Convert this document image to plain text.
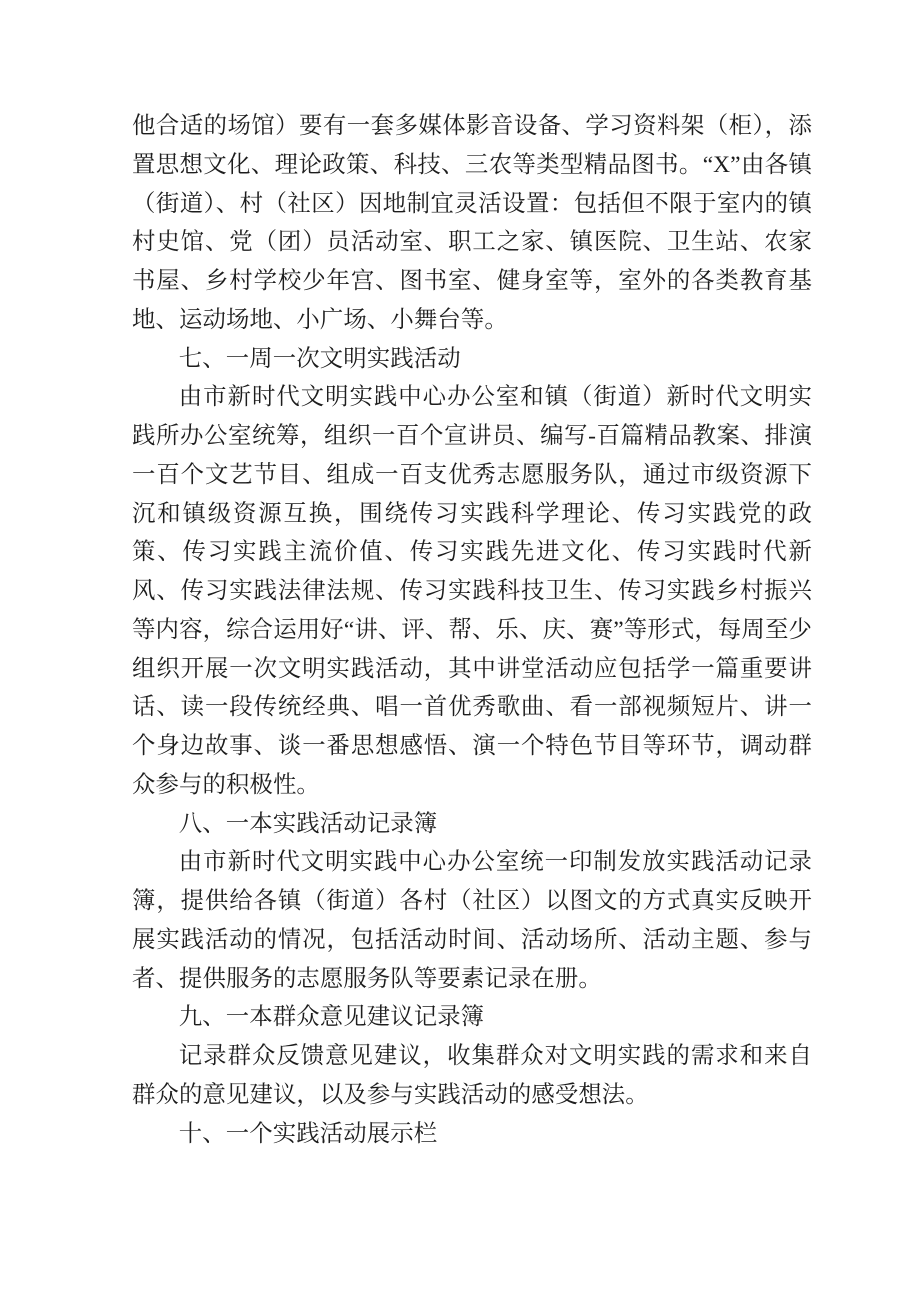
他合适的场馆）要有一套多媒体影音设备、学习资料架（柜），添置思想文化、理论政策、科技、三农等类型精品图书。“X”由各镇（街道）、村（社区）因地制宜灵活设置：包括但不限于室内的镇村史馆、党（团）员活动室、职工之家、镇医院、卫生站、农家书屋、乡村学校少年宫、图书室、健身室等，室外的各类教育基地、运动场地、小广场、小舞台等。

七、一周一次文明实践活动

由市新时代文明实践中心办公室和镇（街道）新时代文明实践所办公室统筹，组织一百个宣讲员、编写-百篇精品教案、排演一百个文艺节目、组成一百支优秀志愿服务队，通过市级资源下沉和镇级资源互换，围绕传习实践科学理论、传习实践党的政策、传习实践主流价值、传习实践先进文化、传习实践时代新风、传习实践法律法规、传习实践科技卫生、传习实践乡村振兴等内容，综合运用好“讲、评、帮、乐、庆、赛”等形式，每周至少组织开展一次文明实践活动，其中讲堂活动应包括学一篇重要讲话、读一段传统经典、唱一首优秀歌曲、看一部视频短片、讲一个身边故事、谈一番思想感悟、演一个特色节目等环节，调动群众参与的积极性。

八、一本实践活动记录簿

由市新时代文明实践中心办公室统一印制发放实践活动记录簿，提供给各镇（街道）各村（社区）以图文的方式真实反映开展实践活动的情况，包括活动时间、活动场所、活动主题、参与者、提供服务的志愿服务队等要素记录在册。

九、一本群众意见建议记录簿

记录群众反馈意见建议，收集群众对文明实践的需求和来自群众的意见建议，以及参与实践活动的感受想法。

十、一个实践活动展示栏
